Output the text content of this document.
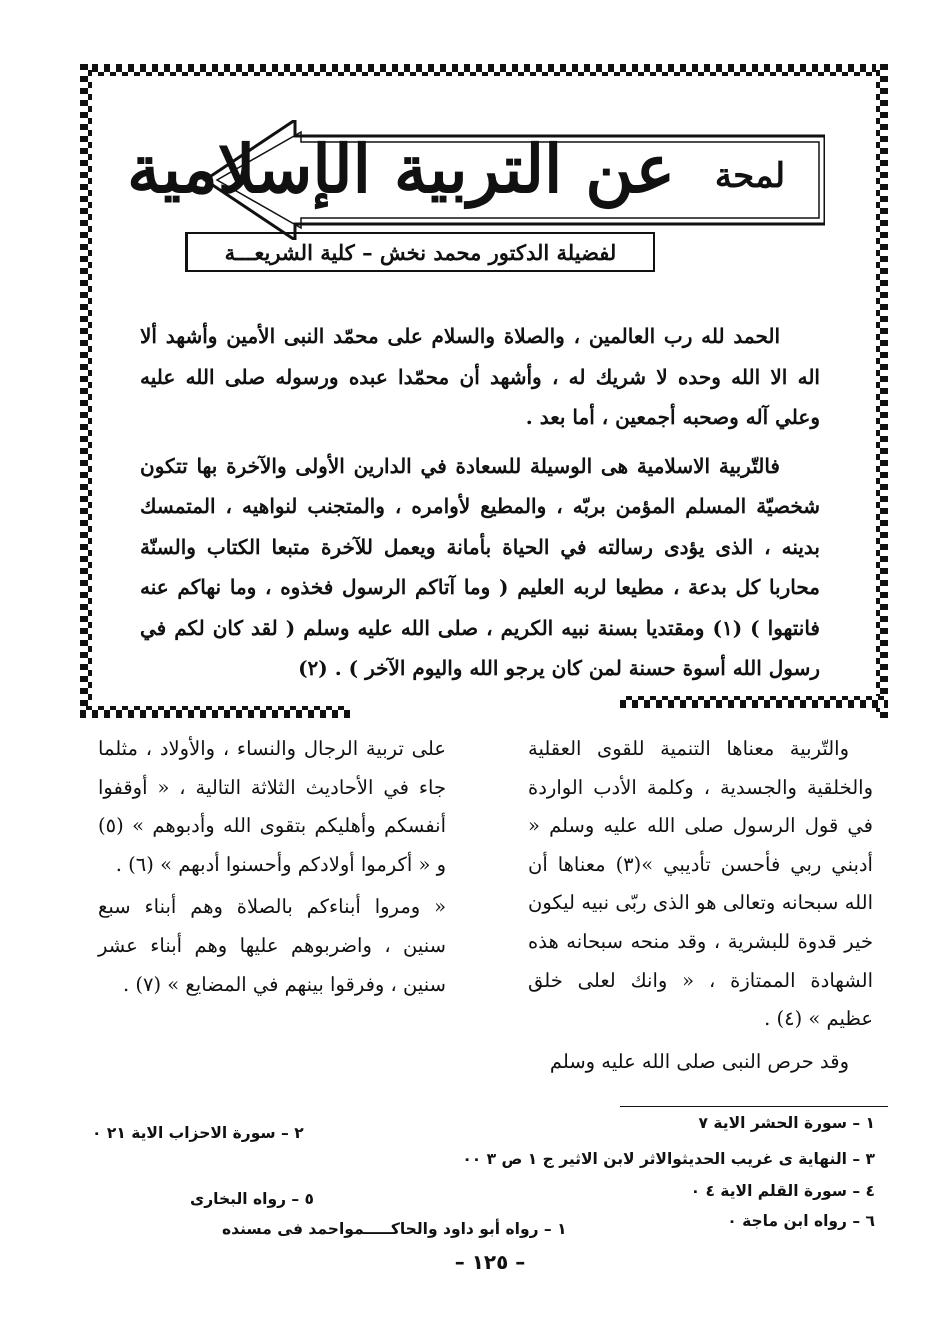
عن التربية الإسلامية	لمحة
لفضيلة الدكتور محمد نخش – كلية الشريعـــة

الحمد لله رب العالمين ، والصلاة والسلام على محمّد النبى الأمين وأشهد ألا اله الا الله وحده لا شريك له ، وأشهد أن محمّدا عبده ورسوله صلى الله عليه وعلي آله وصحبه أجمعين ، أما بعد .

فالتّربية الاسلامية هى الوسيلة للسعادة في الدارين الأولى والآخرة بها تتكون شخصيّة المسلم المؤمن بربّه ، والمطيع لأوامره ، والمتجنب لنواهيه ، المتمسك بدينه ، الذى يؤدى رسالته في الحياة بأمانة ويعمل للآخرة متبعا الكتاب والسنّة محاربا كل بدعة ، مطيعا لربه العليم ( وما آتاكم الرسول فخذوه ، وما نهاكم عنه فانتهوا ) (١) ومقتديا بسنة نبيه الكريم ، صلى الله عليه وسلم ( لقد كان لكم في رسول الله أسوة حسنة لمن كان يرجو الله واليوم الآخر ) . (٢)

والتّربية معناها التنمية للقوى العقلية والخلقية والجسدية ، وكلمة الأدب الواردة في قول الرسول صلى الله عليه وسلم « أدبني ربي فأحسن تأديبي »(٣) معناها أن الله سبحانه وتعالى هو الذى ربّى نبيه ليكون خير قدوة للبشرية ، وقد منحه سبحانه هذه الشهادة الممتازة ، « وانك لعلى خلق عظيم » (٤) .

وقد حرص النبى صلى الله عليه وسلم

على تربية الرجال والنساء ، والأولاد ، مثلما جاء في الأحاديث الثلاثة التالية ، « أوقفوا أنفسكم وأهليكم بتقوى الله وأدبوهم » (٥) و « أكرموا أولادكم وأحسنوا أدبهم » (٦) .

« ومروا أبناءكم بالصلاة وهم أبناء سبع سنين ، واضربوهم عليها وهم أبناء عشر سنين ، وفرقوا بينهم في المضايع » (٧) .

١ – سورة الحشر الاية ٧
٢ – سورة الاحزاب الاية ٢١ ٠
٣ – النهاية ى غريب الحديثوالاثر لابن الاثير ج ١ ص ٣ ٠٠
٤ – سورة القلم الاية ٤ ٠
٥ – رواه البخارى
٦ – رواه ابن ماجة ٠
١ – رواه أبو داود والحاكـــــمواحمد فى مسنده
– ١٢٥ –
